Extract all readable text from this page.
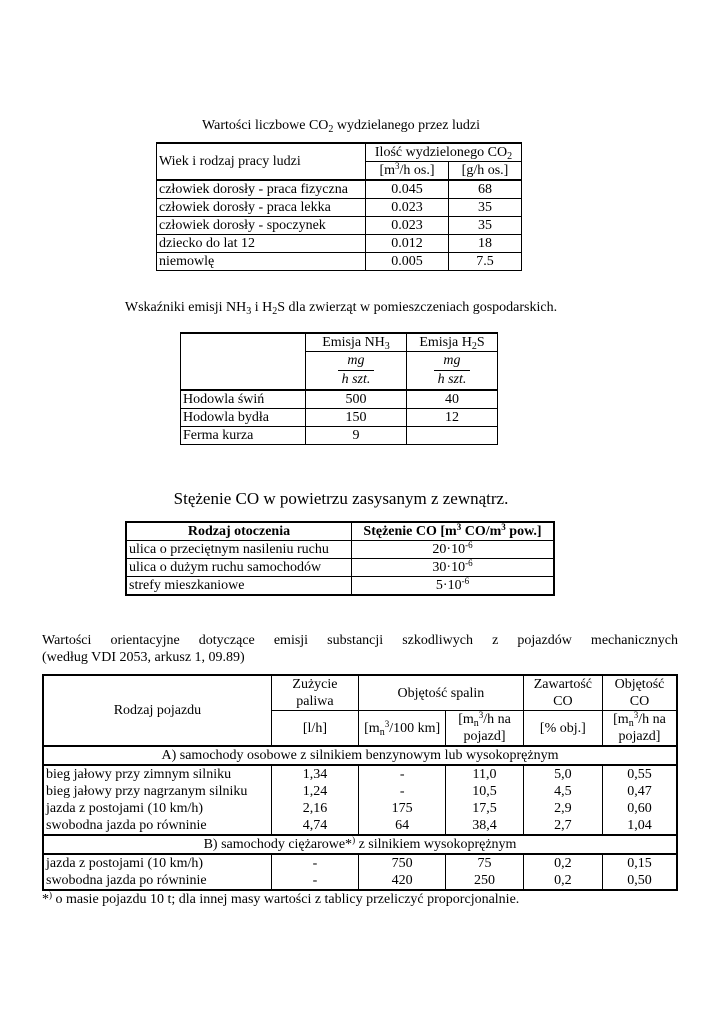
Wartości liczbowe $CO_2$ wydzielanego przez ludzi
Wiek i rodzaj pracy ludzi	Ilość wydzielonego $CO_2$
	[$m^3/h$ os.]	[g/h os.]
człowiek dorosły - praca fizyczna	0.045	68
człowiek dorosły - praca lekka	0.023	35
człowiek dorosły - spoczynek	0.023	35
dziecko do lat 12	0.012	18
niemowlę	0.005	7.5
Wskaźniki emisji $NH_3$ i $H_2S$ dla zwierząt w pomieszczeniach gospodarskich.
	Emisja $NH_3$	Emisja $H_2S$

	$\frac{mg}{\text{h szt.}}$	$\frac{mg}{\text{h szt.}}$

Hodowla świń	500	40
Hodowla bydła	150	12
Ferma kurza	9	
Stężenie CO w powietrzu zasysanym z zewnątrz.
Rodzaj otoczenia	Stężenie CO [$m^3$ $CO/m^3$ pow.]
ulica o przeciętnym nasileniu ruchu	$20\cdot 10^{-6}$
ulica o dużym ruchu samochodów	$30\cdot 10^{-6}$
strefy mieszkaniowe	$5\cdot 10^{-6}$
Wartości orientacyjne dotyczące emisji substancji szkodliwych z pojazdów mechanicznych
(według VDI 2053, arkusz 1, 09.89)
Rodzaj pojazdu	Zużycie paliwa	Objętość spalin		Zawartość CO	Objętość CO
	[l/h]	[$m_n^3/100$ km]	[$m_n^3/h$ na pojazd]	[% obj.]	[$m_n^3/h$ na pojazd]
A) samochody osobowe z silnikiem benzynowym lub wysokoprężnym					
bieg jałowy przy zimnym silniku	1,34	-	11,0	5,0	0,55
bieg jałowy przy nagrzanym silniku	1,24	-	10,5	4,5	0,47
jazda z postojami (10 km/h)	2,16	175	17,5	2,9	0,60
swobodna jazda po równinie	4,74	64	38,4	2,7	1,04
B) samochody ciężarowe*) z silnikiem wysokoprężnym					
jazda z postojami (10 km/h)	-	750	75	0,2	0,15
swobodna jazda po równinie	-	420	250	0,2	0,50
*) o masie pojazdu 10 t; dla innej masy wartości z tablicy przeliczyć proporcjonalnie.
